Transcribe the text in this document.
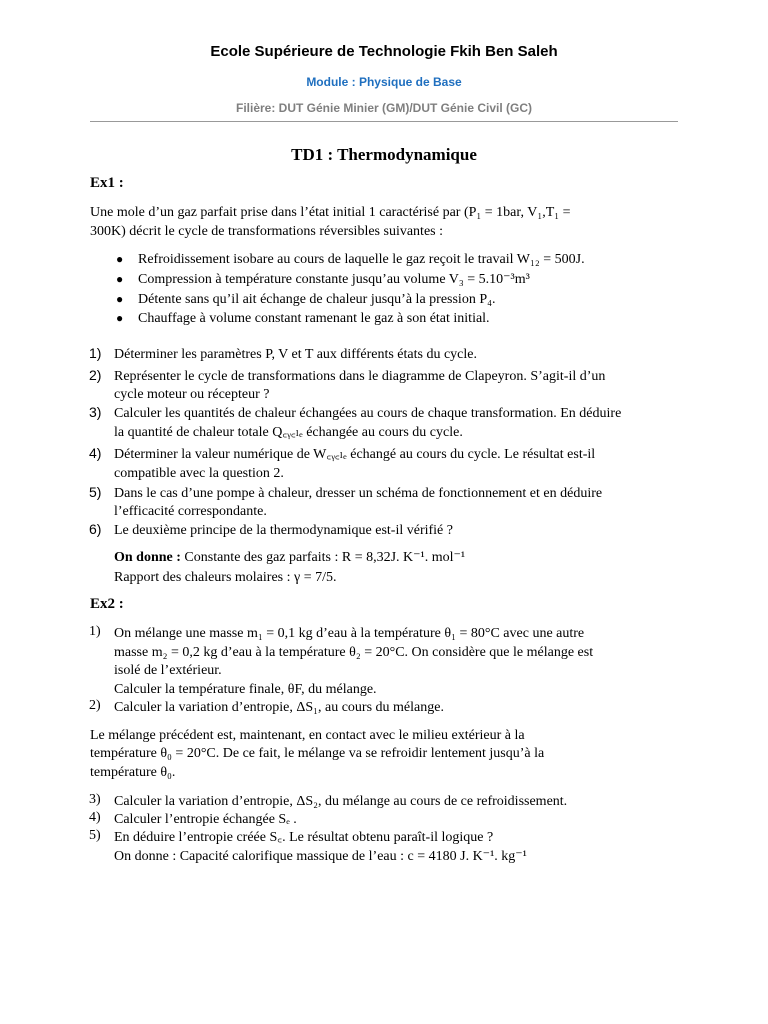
Ecole Supérieure de Technologie Fkih Ben Saleh
Module : Physique de Base
Filière: DUT Génie Minier (GM)/DUT Génie Civil (GC)
TD1 : Thermodynamique
Ex1 :
Une mole d’un gaz parfait prise dans l’état initial 1 caractérisé par (P₁ = 1bar, V₁,T₁ =
300K) décrit le cycle de transformations réversibles suivantes :
● Refroidissement isobare au cours de laquelle le gaz reçoit le travail W₁₂ = 500J.
● Compression à température constante jusqu’au volume V₃ = 5.10⁻³m³
● Détente sans qu’il ait échange de chaleur jusqu’à la pression P₄.
● Chauffage à volume constant ramenant le gaz à son état initial.
1) Déterminer les paramètres P, V et T aux différents états du cycle.
2) Représenter le cycle de transformations dans le diagramme de Clapeyron. S’agit-il d’un
cycle moteur ou récepteur ?
3) Calculer les quantités de chaleur échangées au cours de chaque transformation. En déduire
la quantité de chaleur totale Q꜀ᵧ꜀ₗₑ échangée au cours du cycle.
4) Déterminer la valeur numérique de W꜀ᵧ꜀ₗₑ échangé au cours du cycle. Le résultat est-il
compatible avec la question 2.
5) Dans le cas d’une pompe à chaleur, dresser un schéma de fonctionnement et en déduire
l’efficacité correspondante.
6) Le deuxième principe de la thermodynamique est-il vérifié ?
On donne : Constante des gaz parfaits : R = 8,32J. K⁻¹. mol⁻¹
Rapport des chaleurs molaires : γ = 7/5.
Ex2 :
1) On mélange une masse m₁ = 0,1 kg d’eau à la température θ₁ = 80°C avec une autre
masse m₂ = 0,2 kg d’eau à la température θ₂ = 20°C. On considère que le mélange est
isolé de l’extérieur.
Calculer la température finale, θF, du mélange.
2) Calculer la variation d’entropie, ΔS₁, au cours du mélange.
Le mélange précédent est, maintenant, en contact avec le milieu extérieur à la
température θ₀ = 20°C. De ce fait, le mélange va se refroidir lentement jusqu’à la
température θ₀.
3) Calculer la variation d’entropie, ΔS₂, du mélange au cours de ce refroidissement.
4) Calculer l’entropie échangée Sₑ .
5) En déduire l’entropie créée S꜀. Le résultat obtenu paraît-il logique ?
On donne : Capacité calorifique massique de l’eau : c = 4180 J. K⁻¹. kg⁻¹
